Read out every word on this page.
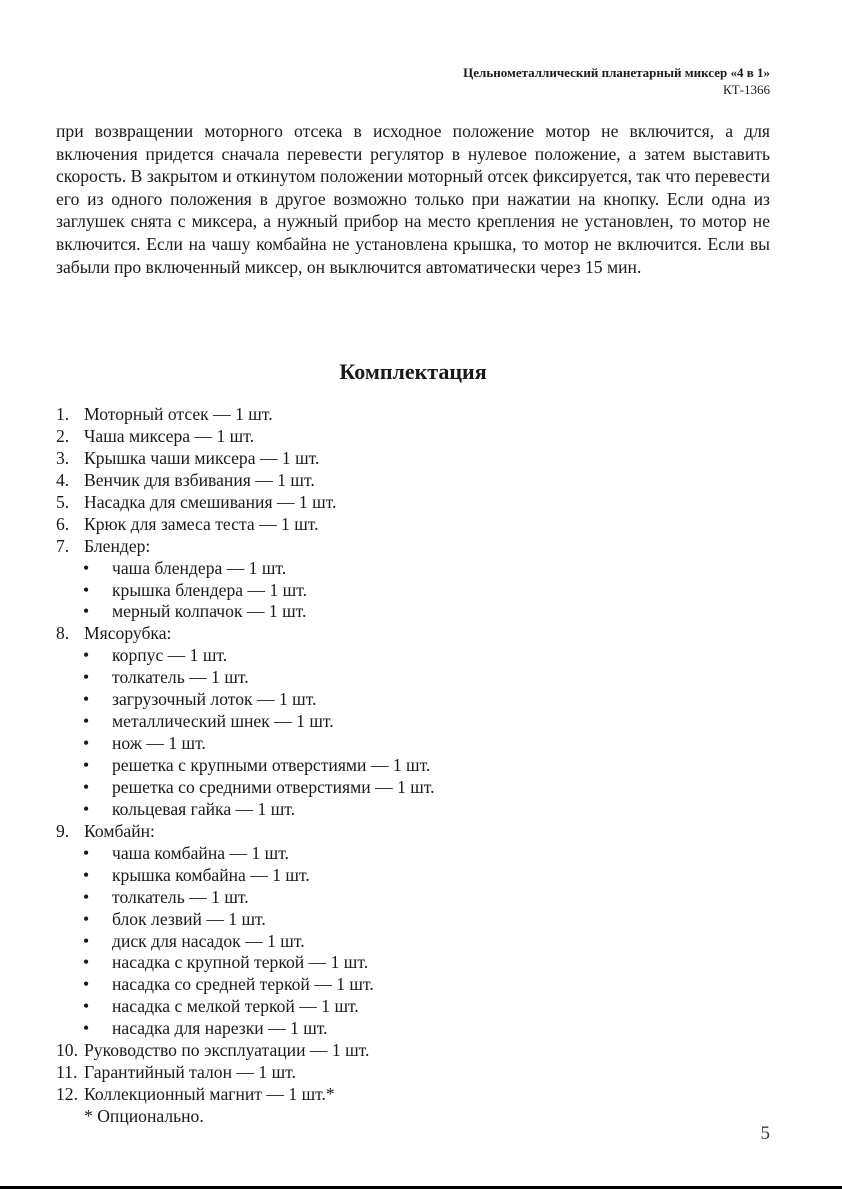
Цельнометаллический планетарный миксер «4 в 1»
КТ-1366

при возвращении моторного отсека в исходное положение мотор не включится, а для включения придется сначала перевести регулятор в нулевое положение, а затем выставить скорость. В закрытом и откинутом положении моторный отсек фиксируется, так что перевести его из одного положения в другое возможно только при нажатии на кнопку. Если одна из заглушек снята с миксера, а нужный прибор на место крепления не установлен, то мотор не включится. Если на чашу комбайна не установлена крышка, то мотор не включится. Если вы забыли про включенный миксер, он выключится автоматически через 15 мин.

Комплектация
1. Моторный отсек — 1 шт.
2. Чаша миксера — 1 шт.
3. Крышка чаши миксера — 1 шт.
4. Венчик для взбивания — 1 шт.
5. Насадка для смешивания — 1 шт.
6. Крюк для замеса теста — 1 шт.
7. Блендер:
• чаша блендера — 1 шт.
• крышка блендера — 1 шт.
• мерный колпачок — 1 шт.
8. Мясорубка:
• корпус — 1 шт.
• толкатель — 1 шт.
• загрузочный лоток — 1 шт.
• металлический шнек — 1 шт.
• нож — 1 шт.
• решетка с крупными отверстиями — 1 шт.
• решетка со средними отверстиями — 1 шт.
• кольцевая гайка — 1 шт.
9. Комбайн:
• чаша комбайна — 1 шт.
• крышка комбайна — 1 шт.
• толкатель — 1 шт.
• блок лезвий — 1 шт.
• диск для насадок — 1 шт.
• насадка с крупной теркой — 1 шт.
• насадка со средней теркой — 1 шт.
• насадка с мелкой теркой — 1 шт.
• насадка для нарезки — 1 шт.
10. Руководство по эксплуатации — 1 шт.
11. Гарантийный талон — 1 шт.
12. Коллекционный магнит — 1 шт.*
* Опционально.
5
